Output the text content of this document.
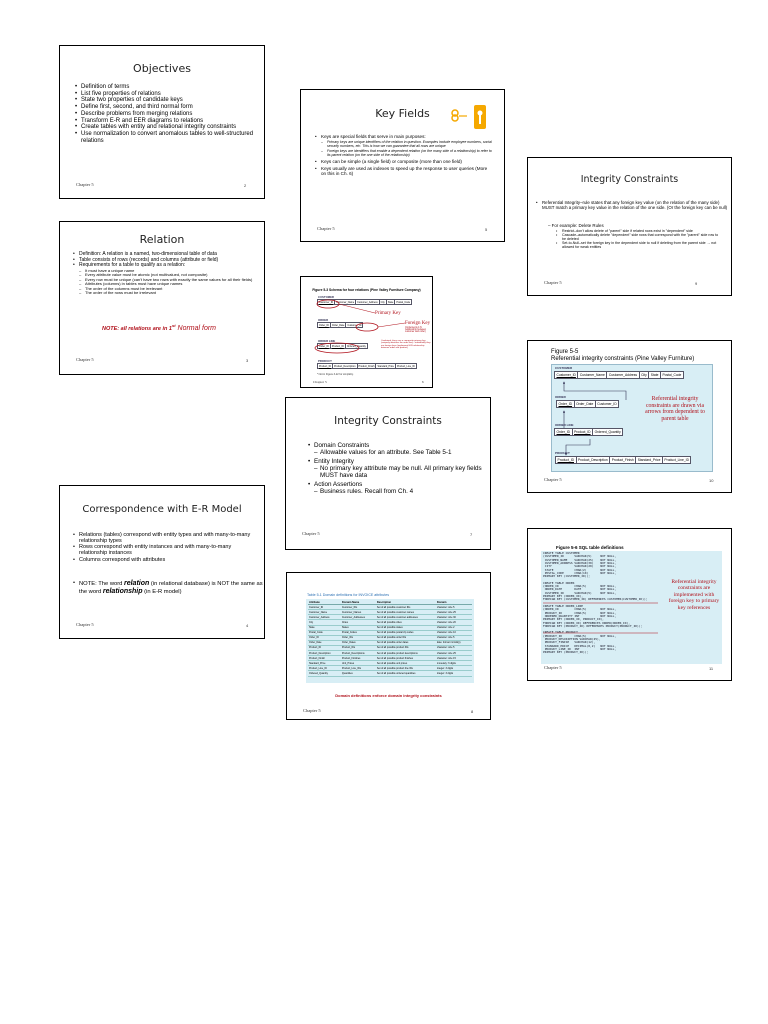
Objectives
• Definition of terms
• List five properties of relations
• State two properties of candidate keys
• Define first, second, and third normal form
• Describe problems from merging relations
• Transform E-R and EER diagrams to relations
• Create tables with entity and relational integrity constraints
• Use normalization to convert anomalous tables to well-structured relations
Chapter 5	2
Relation
• Definition: A relation is a named, two-dimensional table of data
• Table consists of rows (records) and columns (attribute or field)
• Requirements for a table to qualify as a relation:
– It must have a unique name
– Every attribute value must be atomic (not multivalued, not composite)
– Every row must be unique (can't have two rows with exactly the same values for all their fields)
– Attributes (columns) in tables must have unique names
– The order of the columns must be irrelevant
– The order of the rows must be irrelevant
NOTE: all relations are in 1st Normal form
Chapter 5	3
Correspondence with E-R Model
• Relations (tables) correspond with entity types and with many-to-many relationship types
• Rows correspond with entity instances and with many-to-many relationship instances
• Columns correspond with attributes
• NOTE: The word relation (in relational database) is NOT the same as the word relationship (in E-R model)
Chapter 5	4
Key Fields
• Keys are special fields that serve in main purposes:
– Primary keys are unique identifiers of the relation in question. Examples include employee numbers, social security numbers, etc. This is how we can guarantee that all rows are unique
– Foreign keys are identifiers that enable a dependent relation (on the many side of a relationship) to refer to its parent relation (on the one side of the relationship)
• Keys can be simple (a single field) or composite (more than one field)
• Keys usually are used as indexes to speed up the response to user queries (More on this in Ch. 6)
Chapter 5	5
Figure 5-3 Schema for four relations (Pine Valley Furniture Company)
CUSTOMER
Customer_ID	Customer_Name	Customer_Address	City	State	Postal_Code
ORDER
Order_ID	Order_Date	Customer_ID
ORDER LINE
Order_ID	Product_ID	Ordered_Quantity
PRODUCT
Product_ID	Product_Description	Product_Finish	Standard_Price	Product_Line_ID
Primary Key
Foreign Key
(implements 1:N relationship between customer and order)
Combined, these are a composite primary key (uniquely identifies the order line)...individually they are foreign keys (implement M:N relationship between order and product)
* Not in Figure 3-22 for simplicity.
Chapter 5	6
Integrity Constraints
• Domain Constraints
– Allowable values for an attribute. See Table 5-1
• Entity Integrity
– No primary key attribute may be null. All primary key fields MUST have data
• Action Assertions
– Business rules. Recall from Ch. 4
Chapter 5	7
Table 5-1 Domain definitions for INVOICE attributes
Attribute	Domain Name	Description	Domain
Customer_ID	Customer_IDs	Set of all possible customer IDs	character: size 5
Customer_Name	Customer_Names	Set of all possible customer names	character: size 25
Customer_Address	Customer_Addresses	Set of all possible customer addresses	character: size 30
City	Cities	Set of all possible cities	character: size 20
State	States	Set of all possible states	character: size 2
Postal_Code	Postal_Codes	Set of all possible postal zip codes	character: size 10
Order_ID	Order_IDs	Set of all possible order IDs	character: size 5
Order_Date	Order_Dates	Set of all possible order dates	date: format mm/dd/yy
Product_ID	Product_IDs	Set of all possible product IDs	character: size 5
Product_Description	Product_Descriptions	Set of all possible product descriptions	character: size 25
Product_Finish	Product_Finishes	Set of all possible product finishes	character: size 15
Standard_Price	Unit_Prices	Set of all possible unit prices	monetary: 6 digits
Product_Line_ID	Product_Line_IDs	Set of all possible product line IDs	integer: 3 digits
Ordered_Quantity	Quantities	Set of all possible ordered quantities	integer: 3 digits
Domain definitions enforce domain integrity constraints
Chapter 5	8
Integrity Constraints
• Referential Integrity–rule states that any foreign key value (on the relation of the many side) MUST match a primary key value in the relation of the one side. (Or the foreign key can be null)
– For example: Delete Rules
• Restrict–don't allow delete of "parent" side if related rows exist in "dependent" side
• Cascade–automatically delete "dependent" side rows that correspond with the "parent" side row to be deleted
• Set-to-Null–set the foreign key in the dependent side to null if deleting from the parent side → not allowed for weak entities
Chapter 5	9
Figure 5-5
Referential integrity constraints (Pine Valley Furniture)
CUSTOMER
Customer_ID	Customer_Name	Customer_Address	City	State	Postal_Code
ORDER
Order_ID	Order_Date	Customer_ID
ORDER LINE
Order_ID	Product_ID	Ordered_Quantity
PRODUCT
Product_ID	Product_Description	Product_Finish	Standard_Price	Product_Line_ID
Referential integrity constraints are drawn via arrows from dependent to parent table
Chapter 5	10
Figure 5-6 SQL table definitions
CREATE TABLE CUSTOMER
(CUSTOMER_ID      VARCHAR(5)     NOT NULL,
CUSTOMER_NAME    VARCHAR(25)    NOT NULL,
CUSTOMER_ADDRESS VARCHAR(30)    NOT NULL,
CITY             VARCHAR(20)    NOT NULL,
STATE            CHAR(2)        NOT NULL,
POSTAL_CODE      CHAR(10)       NOT NULL,
PRIMARY KEY (CUSTOMER_ID));
CREATE TABLE ORDER
(ORDER_ID         CHAR(5)        NOT NULL,
ORDER_DATE       DATE           NOT NULL,
CUSTOMER_ID      VARCHAR(5)     NOT NULL,
PRIMARY KEY (ORDER_ID),
FOREIGN KEY (CUSTOMER_ID) REFERENCES CUSTOMER(CUSTOMER_ID));
CREATE TABLE ORDER_LINE
(ORDER_ID         CHAR(5)        NOT NULL,
PRODUCT_ID       CHAR(5)        NOT NULL,
ORDERED_QUANTITY INT            NOT NULL,
PRIMARY KEY (ORDER_ID, PRODUCT_ID),
FOREIGN KEY (ORDER_ID) REFERENCES ORDER(ORDER_ID),
FOREIGN KEY (PRODUCT_ID) REFERENCES PRODUCT(PRODUCT_ID));
CREATE TABLE PRODUCT
(PRODUCT_ID       CHAR(5)        NOT NULL,
PRODUCT_DESCRIPTION VARCHAR(25),
PRODUCT_FINISH   VARCHAR(12),
STANDARD_PRICE   DECIMAL(8,2)   NOT NULL,
PRODUCT_LINE_ID  INT            NOT NULL,
PRIMARY KEY (PRODUCT_ID));
Referential integrity constraints are implemented with foreign key to primary key references
Chapter 5	11
